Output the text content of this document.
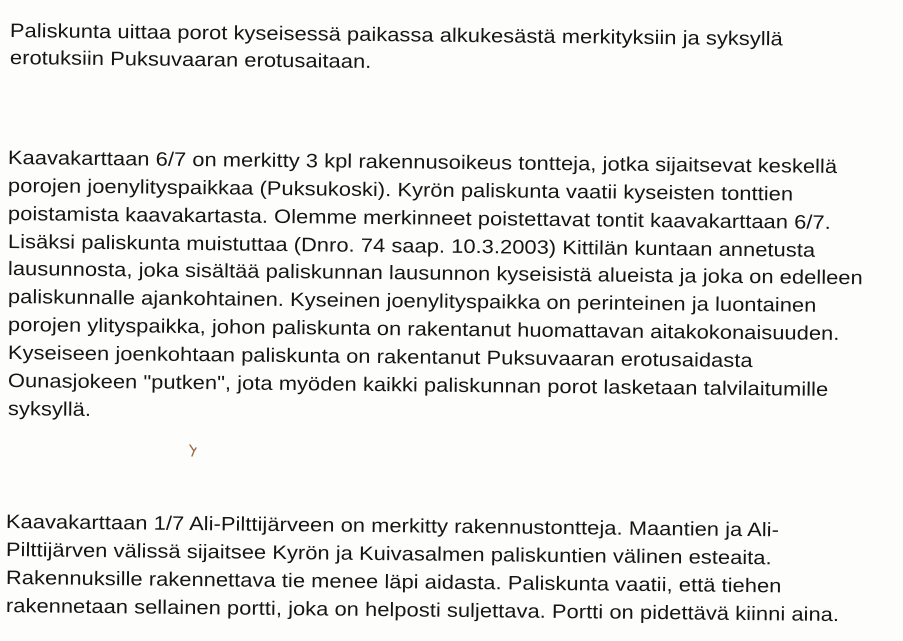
Paliskunta uittaa porot kyseisessä paikassa alkukesästä merkityksiin ja syksyllä
erotuksiin Puksuvaaran erotusaitaan.
Kaavakarttaan 6/7 on merkitty 3 kpl rakennusoikeus tontteja, jotka sijaitsevat keskellä
porojen joenylityspaikkaa (Puksukoski). Kyrön paliskunta vaatii kyseisten tonttien
poistamista kaavakartasta. Olemme merkinneet poistettavat tontit kaavakarttaan 6/7.
Lisäksi paliskunta muistuttaa (Dnro. 74 saap. 10.3.2003) Kittilän kuntaan annetusta
lausunnosta, joka sisältää paliskunnan lausunnon kyseisistä alueista ja joka on edelleen
paliskunnalle ajankohtainen. Kyseinen joenylityspaikka on perinteinen ja luontainen
porojen ylityspaikka, johon paliskunta on rakentanut huomattavan aitakokonaisuuden.
Kyseiseen joenkohtaan paliskunta on rakentanut Puksuvaaran erotusaidasta
Ounasjokeen "putken", jota myöden kaikki paliskunnan porot lasketaan talvilaitumille
syksyllä.
Kaavakarttaan 1/7 Ali-Pilttijärveen on merkitty rakennustontteja. Maantien ja Ali-
Pilttijärven välissä sijaitsee Kyrön ja Kuivasalmen paliskuntien välinen esteaita.
Rakennuksille rakennettava tie menee läpi aidasta. Paliskunta vaatii, että tiehen
rakennetaan sellainen portti, joka on helposti suljettava. Portti on pidettävä kiinni aina.
